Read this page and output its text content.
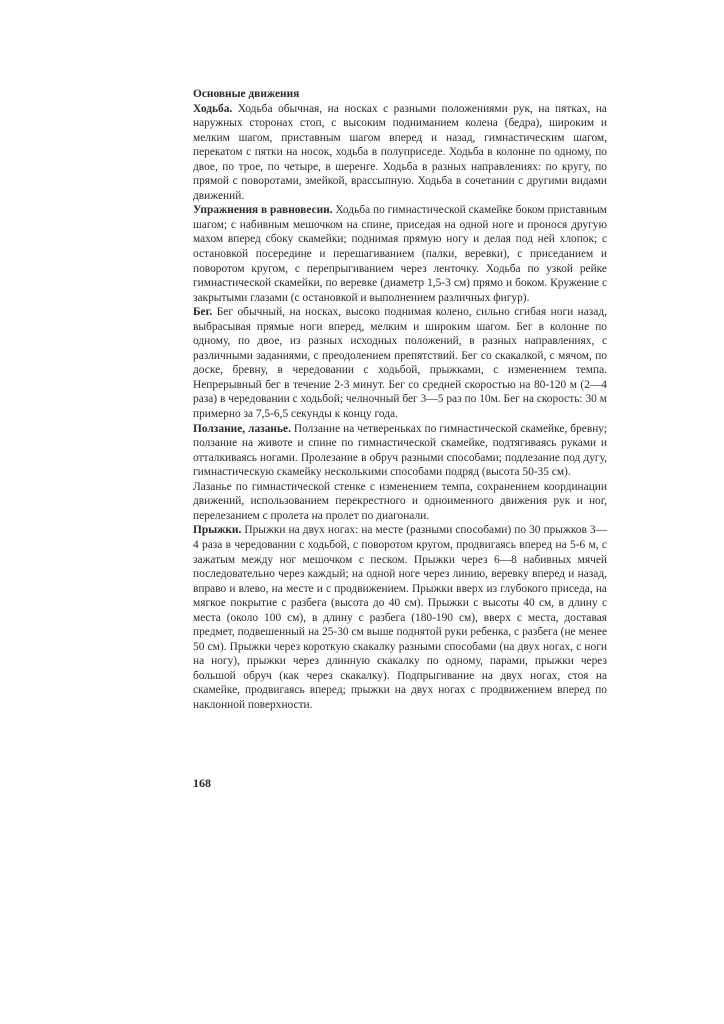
Основные движения

Ходьба. Ходьба обычная, на носках с разными положениями рук, на пятках, на наружных сторонах стоп, с высоким подниманием колена (бедра), широким и мелким шагом, приставным шагом вперед и назад, гимнастическим шагом, перекатом с пятки на носок, ходьба в полуприседе. Ходьба в колонне по одному, по двое, по трое, по четыре, в шеренге. Ходьба в разных направлениях: по кругу, по прямой с поворотами, змейкой, врассыпную. Ходьба в сочетании с другими видами движений.

Упражнения в равновесии. Ходьба по гимнастической скамейке боком приставным шагом; с набивным мешочком на спине, приседая на одной ноге и пронося другую махом вперед сбоку скамейки; поднимая прямую ногу и делая под ней хлопок; с остановкой посередине и перешагиванием (палки, веревки), с приседанием и поворотом кругом, с перепрыгиванием через ленточку. Ходьба по узкой рейке гимнастической скамейки, по веревке (диаметр 1,5-3 см) прямо и боком. Кружение с закрытыми глазами (с остановкой и выполнением различных фигур).

Бег. Бег обычный, на носках, высоко поднимая колено, сильно сгибая ноги назад, выбрасывая прямые ноги вперед, мелким и широким шагом. Бег в колонне по одному, по двое, из разных исходных положений, в разных направлениях, с различными заданиями, с преодолением препятствий. Бег со скакалкой, с мячом, по доске, бревну, в чередовании с ходьбой, прыжками, с изменением темпа. Непрерывный бег в течение 2-3 минут. Бег со средней скоростью на 80-120 м (2—4 раза) в чередовании с ходьбой; челночный бег 3—5 раз по 10м. Бег на скорость: 30 м примерно за 7,5-6,5 секунды к концу года.

Ползание, лазанье. Ползание на четвереньках по гимнастической скамейке, бревну; ползание на животе и спине по гимнастической скамейке, подтягиваясь руками и отталкиваясь ногами. Пролезание в обруч разными способами; подлезание под дугу, гимнастическую скамейку несколькими способами подряд (высота 50-35 см).

Лазанье по гимнастической стенке с изменением темпа, сохранением координации движений, использованием перекрестного и одноименного движения рук и ног, перелезанием с пролета на пролет по диагонали.

Прыжки. Прыжки на двух ногах: на месте (разными способами) по 30 прыжков 3—4 раза в чередовании с ходьбой, с поворотом кругом, продвигаясь вперед на 5-6 м, с зажатым между ног мешочком с песком. Прыжки через 6—8 набивных мячей последовательно через каждый; на одной ноге через линию, веревку вперед и назад, вправо и влево, на месте и с продвижением. Прыжки вверх из глубокого приседа, на мягкое покрытие с разбега (высота до 40 см). Прыжки с высоты 40 см, в длину с места (около 100 см), в длину с разбега (180-190 см), вверх с места, доставая предмет, подвешенный на 25-30 см выше поднятой руки ребенка, с разбега (не менее 50 см). Прыжки через короткую скакалку разными способами (на двух ногах, с ноги на ногу), прыжки через длинную скакалку по одному, парами, прыжки через большой обруч (как через скакалку). Подпрыгивание на двух ногах, стоя на скамейке, продвигаясь вперед; прыжки на двух ногах с продвижением вперед по наклонной поверхности.

168
